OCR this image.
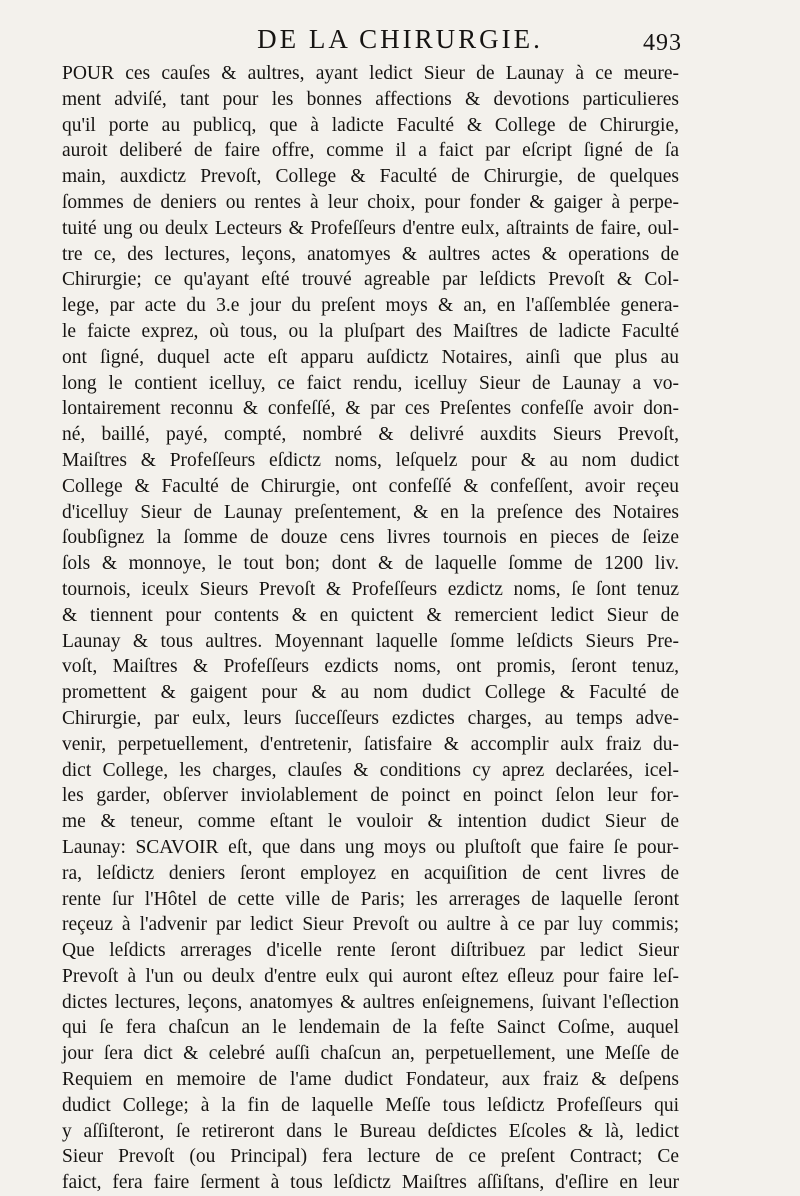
DE LA CHIRURGIE.	493
POUR ces cauſes & aultres, ayant ledict Sieur de Launay à ce meure-
ment adviſé, tant pour les bonnes affections & devotions particulieres
qu'il porte au publicq, que à ladicte Faculté & College de Chirurgie,
auroit deliberé de faire offre, comme il a faict par eſcript ſigné de ſa
main, auxdictz Prevoſt, College & Faculté de Chirurgie, de quelques
ſommes de deniers ou rentes à leur choix, pour fonder & gaiger à perpe-
tuité ung ou deulx Lecteurs & Profeſſeurs d'entre eulx, aſtraints de faire, oul-
tre ce, des lectures, leçons, anatomyes & aultres actes & operations de
Chirurgie; ce qu'ayant eſté trouvé agreable par leſdicts Prevoſt & Col-
lege, par acte du 3.e jour du preſent moys & an, en l'aſſemblée genera-
le faicte exprez, où tous, ou la pluſpart des Maiſtres de ladicte Faculté
ont ſigné, duquel acte eſt apparu auſdictz Notaires, ainſi que plus au
long le contient icelluy, ce faict rendu, icelluy Sieur de Launay a vo-
lontairement reconnu & confeſſé, & par ces Preſentes confeſſe avoir don-
né, baillé, payé, compté, nombré & delivré auxdits Sieurs Prevoſt,
Maiſtres & Profeſſeurs eſdictz noms, leſquelz pour & au nom dudict
College & Faculté de Chirurgie, ont confeſſé & confeſſent, avoir reçeu
d'icelluy Sieur de Launay preſentement, & en la preſence des Notaires
ſoubſignez la ſomme de douze cens livres tournois en pieces de ſeize
ſols & monnoye, le tout bon; dont & de laquelle ſomme de 1200 liv.
tournois, iceulx Sieurs Prevoſt & Profeſſeurs ezdictz noms, ſe ſont tenuz
& tiennent pour contents & en quictent & remercient ledict Sieur de
Launay & tous aultres. Moyennant laquelle ſomme leſdicts Sieurs Pre-
voſt, Maiſtres & Profeſſeurs ezdicts noms, ont promis, ſeront tenuz,
promettent & gaigent pour & au nom dudict College & Faculté de
Chirurgie, par eulx, leurs ſucceſſeurs ezdictes charges, au temps adve-
venir, perpetuellement, d'entretenir, ſatisfaire & accomplir aulx fraiz du-
dict College, les charges, clauſes & conditions cy aprez declarées, icel-
les garder, obſerver inviolablement de poinct en poinct ſelon leur for-
me & teneur, comme eſtant le vouloir & intention dudict Sieur de
Launay: SCAVOIR eſt, que dans ung moys ou pluſtoſt que faire ſe pour-
ra, leſdictz deniers ſeront employez en acquiſition de cent livres de
rente ſur l'Hôtel de cette ville de Paris; les arrerages de laquelle ſeront
reçeuz à l'advenir par ledict Sieur Prevoſt ou aultre à ce par luy commis;
Que leſdicts arrerages d'icelle rente ſeront diſtribuez par ledict Sieur
Prevoſt à l'un ou deulx d'entre eulx qui auront eſtez eſleuz pour faire leſ-
dictes lectures, leçons, anatomyes & aultres enſeignemens, ſuivant l'eſlection
qui ſe fera chaſcun an le lendemain de la feſte Sainct Coſme, auquel
jour ſera dict & celebré auſſi chaſcun an, perpetuellement, une Meſſe de
Requiem en memoire de l'ame dudict Fondateur, aux fraiz & deſpens
dudict College; à la fin de laquelle Meſſe tous leſdictz Profeſſeurs qui
y aſſiſteront, ſe retireront dans le Bureau deſdictes Eſcoles & là, ledict
Sieur Prevoſt (ou Principal) fera lecture de ce preſent Contract; Ce
faict, fera faire ſerment à tous leſdictz Maiſtres aſſiſtans, d'eſlire en leur
